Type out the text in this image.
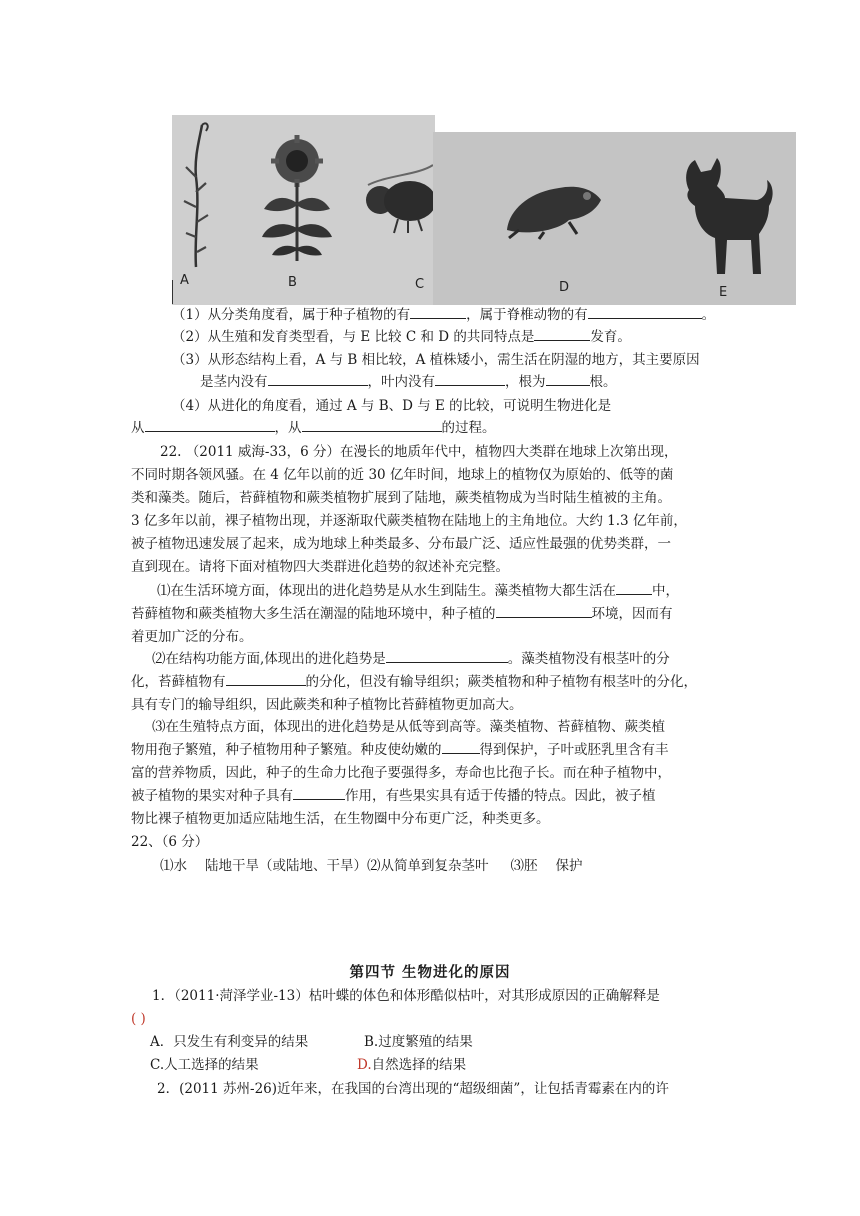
A	B	C	D	E
（1）从分类角度看，属于种子植物的有	，属于脊椎动物的有	。
（2）从生殖和发育类型看，与 E 比较 C 和 D 的共同特点是	发育。
（3）从形态结构上看，A 与 B 相比较，A 植株矮小，需生活在阴湿的地方，其主要原因
是茎内没有	，叶内没有	，根为	根。
（4）从进化的角度看，通过 A 与 B、D 与 E 的比较，可说明生物进化是
从	，从	的过程。
22. （2011 威海-33，6 分）在漫长的地质年代中，植物四大类群在地球上次第出现，
不同时期各领风骚。在 4 亿年以前的近 30 亿年时间，地球上的植物仅为原始的、低等的菌
类和藻类。随后，苔藓植物和蕨类植物扩展到了陆地，蕨类植物成为当时陆生植被的主角。
3 亿多年以前，裸子植物出现，并逐渐取代蕨类植物在陆地上的主角地位。大约 1.3 亿年前，
被子植物迅速发展了起来，成为地球上种类最多、分布最广泛、适应性最强的优势类群，一
直到现在。请将下面对植物四大类群进化趋势的叙述补充完整。
⑴在生活环境方面，体现出的进化趋势是从水生到陆生。藻类植物大都生活在	中，
苔藓植物和蕨类植物大多生活在潮湿的陆地环境中，种子植的	环境，因而有
着更加广泛的分布。
⑵在结构功能方面,体现出的进化趋势是	。藻类植物没有根茎叶的分
化，苔藓植物有	的分化，但没有输导组织；蕨类植物和种子植物有根茎叶的分化，
具有专门的输导组织，因此蕨类和种子植物比苔藓植物更加高大。
⑶在生殖特点方面，体现出的进化趋势是从低等到高等。藻类植物、苔藓植物、蕨类植
物用孢子繁殖，种子植物用种子繁殖。种皮使幼嫩的	得到保护，子叶或胚乳里含有丰
富的营养物质，因此，种子的生命力比孢子要强得多，寿命也比孢子长。而在种子植物中，
被子植物的果实对种子具有	作用，有些果实具有适于传播的特点。因此，被子植
物比裸子植物更加适应陆地生活，在生物圈中分布更广泛，种类更多。
22、（6 分）
⑴水 陆地干旱（或陆地、干旱）⑵从简单到复杂茎叶 ⑶胚 保护
第四节 生物进化的原因
1．（2011·菏泽学业-13）枯叶蝶的体色和体形酷似枯叶，对其形成原因的正确解释是
( )
A．只发生有利变异的结果	B.过度繁殖的结果
C.人工选择的结果	D.自然选择的结果
2．(2011 苏州-26)近年来，在我国的台湾出现的“超级细菌”，让包括青霉素在内的许
